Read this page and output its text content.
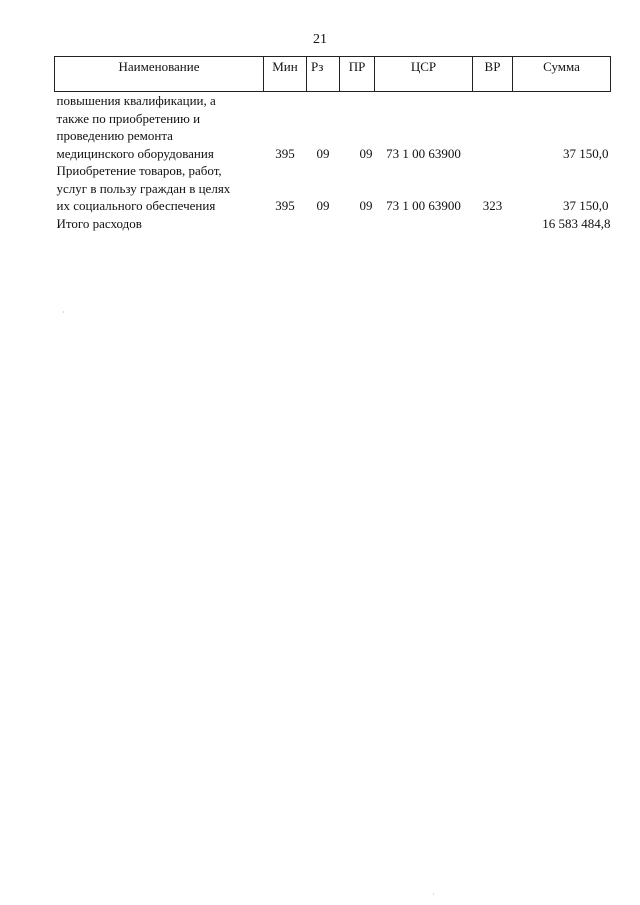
21
Наименование	Мин	Рз	ПР	ЦСР	ВР	Сумма

повышения квалификации, а
также по приобретению и
проведению ремонта
медицинского оборудования	395	09	09	73 1 00 63900		37 150,0

Приобретение товаров, работ,
услуг в пользу граждан в целях
их социального обеспечения	395	09	09	73 1 00 63900	323	37 150,0

Итого расходов						16 583 484,8
·
·
